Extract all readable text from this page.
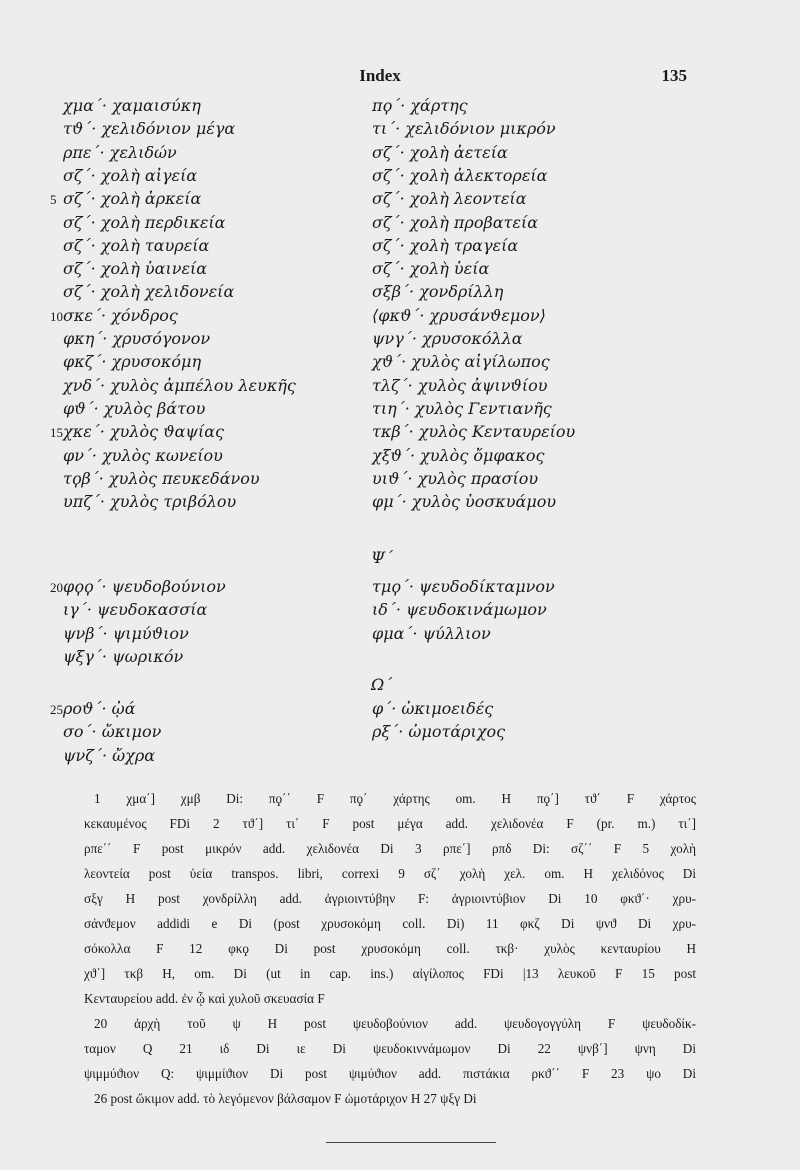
Index	135
χμα΄· χαμαισύκη
τϑ΄· χελιδόνιον μέγα
ρπε΄· χελιδών
σζ΄· χολὴ αἰγεία
5 σζ΄· χολὴ ἀρκεία
σζ΄· χολὴ περδικεία
σζ΄· χολὴ ταυρεία
σζ΄· χολὴ ὑαινεία
σζ΄· χολὴ χελιδονεία
10 σκε΄· χόνδρος
φκη΄· χρυσόγονον
φκζ΄· χρυσοκόμη
χνδ΄· χυλὸς ἀμπέλου λευκῆς
φϑ΄· χυλὸς βάτου
15 χκε΄· χυλὸς ϑαψίας
φν΄· χυλὸς κωνείου
τϙβ΄· χυλὸς πευκεδάνου
υπζ΄· χυλὸς τριβόλου
πϙ΄· χάρτης
τι΄· χελιδόνιον μικρόν
σζ΄· χολὴ ἀετεία
σζ΄· χολὴ ἀλεκτορεία
σζ΄· χολὴ λεοντεία
σζ΄· χολὴ προβατεία
σζ΄· χολὴ τραγεία
σζ΄· χολὴ ὑεία
σξβ΄· χονδρίλλη
⟨φκϑ΄· χρυσάνϑεμον⟩
ψνγ΄· χρυσοκόλλα
χϑ΄· χυλὸς αἰγίλωπος
τλζ΄· χυλὸς ἀψινϑίου
τιη΄· χυλὸς Γεντιανῆς
τκβ΄· χυλὸς Κενταυρείου
χξϑ΄· χυλὸς ὄμφακος
υιϑ΄· χυλὸς πρασίου
φμ΄· χυλὸς ὑοσκυάμου
Ψ΄
20 φϙϙ΄· ψευδοβούνιον
ιγ΄· ψευδοκασσία
ψνβ΄· ψιμύϑιον
ψξγ΄· ψωρικόν
τμϙ΄· ψευδοδίκταμνον
ιδ΄· ψευδοκινάμωμον
φμα΄· ψύλλιον
Ω΄
25 ροϑ΄· ᾠά
σο΄· ὤκιμον
ψνζ΄· ὤχρα
φ΄· ὠκιμοειδές
ρξ΄· ὠμοτάριχος
1 χμα΄] χμβ Di: πϙ΄΄ F πϙ΄ χάρτης om. H πϙ΄] τϑ΄ F χάρτος
κεκαυμένος FDi 2 τϑ΄] τι΄ F post μέγα add. χελιδονέα F (pr. m.) τι΄]
ρπε΄΄ F post μικρόν add. χελιδονέα Di 3 ρπε΄] ρπδ Di: σζ΄΄ F 5 χολὴ
λεοντεία post ὑεία transpos. libri, correxi 9 σζ΄ χολὴ χελ. om. H χελιδόνος Di
σξγ H post χονδρίλλη add. ἀγριοιντύβην F: ἀγριοιντύβιον Di 10 φκϑ΄· χρυ-
σάνϑεμον addidi e Di (post χρυσοκόμη coll. Di) 11 φκζ Di ψνϑ Di χρυ-
σόκολλα F 12 φκϙ Di post χρυσοκόμη coll. τκβ· χυλὸς κενταυρίου H
χϑ΄] τκβ H, om. Di (ut in cap. ins.) αἰγίλοπος FDi |13 λευκοῦ F 15 post
Κενταυρείου add. ἐν ᾧ καὶ χυλοῦ σκευασία F
20 ἀρχὴ τοῦ ψ H post ψευδοβούνιον add. ψευδογογγύλη F ψευδοδίκ-
ταμον Q 21 ιδ Di ιε Di ψευδοκιννάμωμον Di 22 ψνβ΄] ψνη Di
ψιμμύϑιον Q: ψιμμίϑιον Di post ψιμύϑιον add. πιστάκια ρκϑ΄΄ F 23 ψο Di
26 post ὤκιμον add. τὸ λεγόμενον βάλσαμον F ὠμοτάριχον H 27 ψξγ Di
